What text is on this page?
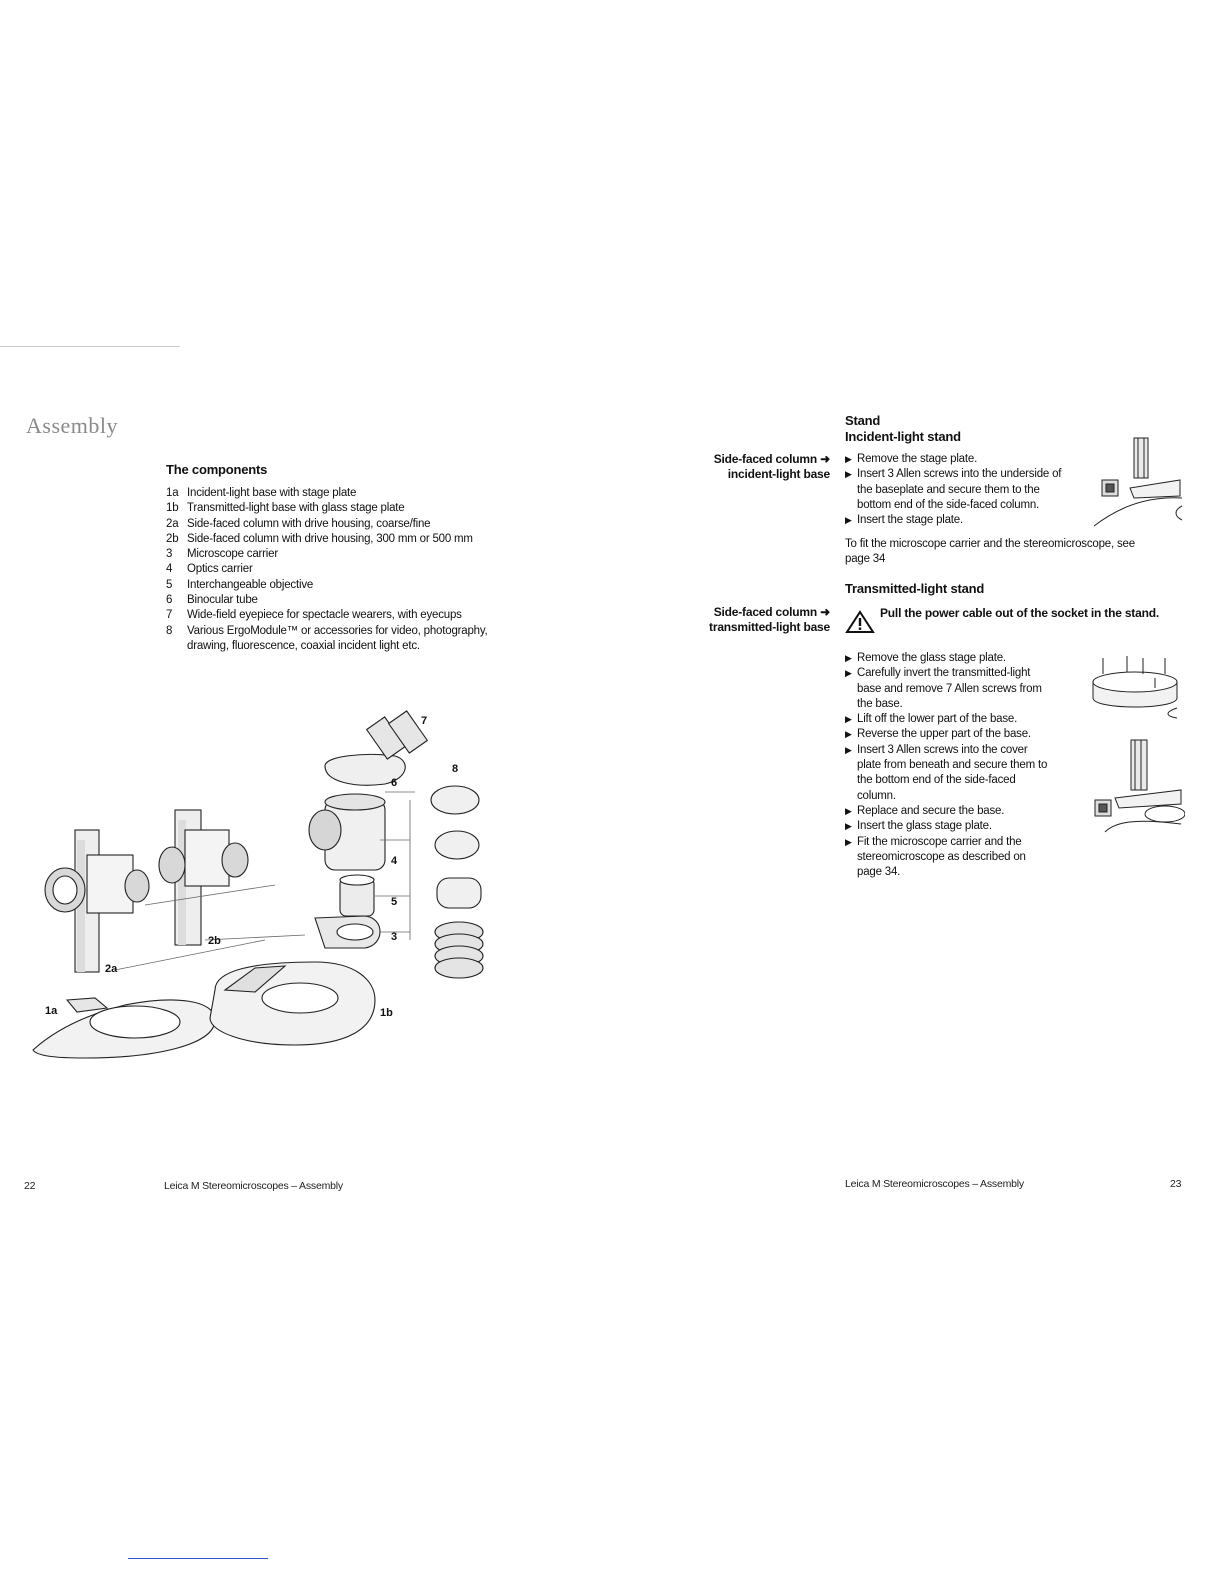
Assembly
The components
1a Incident-light base with stage plate
1b Transmitted-light base with glass stage plate
2a Side-faced column with drive housing, coarse/fine
2b Side-faced column with drive housing, 300 mm or 500 mm
3	Microscope carrier
4	Optics carrier
5	Interchangeable objective
6	Binocular tube
7	Wide-field eyepiece for spectacle wearers, with eyecups
8	Various ErgoModule™ or accessories for video, photography, drawing, fluorescence, coaxial incident light etc.
1a	1b
2a
2b	3
4
5
6
7
8
22	Leica M Stereomicroscopes – Assembly
Stand
Incident-light stand
Side-faced column ➜
incident-light base
▶ Remove the stage plate.
▶ Insert 3 Allen screws into the underside of the baseplate and secure them to the bottom end of the side-faced column.
▶ Insert the stage plate.
To fit the microscope carrier and the stereomicroscope, see page 34
Transmitted-light stand
Side-faced column ➜
transmitted-light base
Pull the power cable out of the socket in the stand.
▶ Remove the glass stage plate.
▶ Carefully invert the transmitted-light base and remove 7 Allen screws from the base.
▶ Lift off the lower part of the base.
▶ Reverse the upper part of the base.
▶ Insert 3 Allen screws into the cover plate from beneath and secure them to the bottom end of the side-faced column.
▶ Replace and secure the base.
▶ Insert the glass stage plate.
▶ Fit the microscope carrier and the stereomicroscope as described on page 34.
Leica M Stereomicroscopes – Assembly	23
